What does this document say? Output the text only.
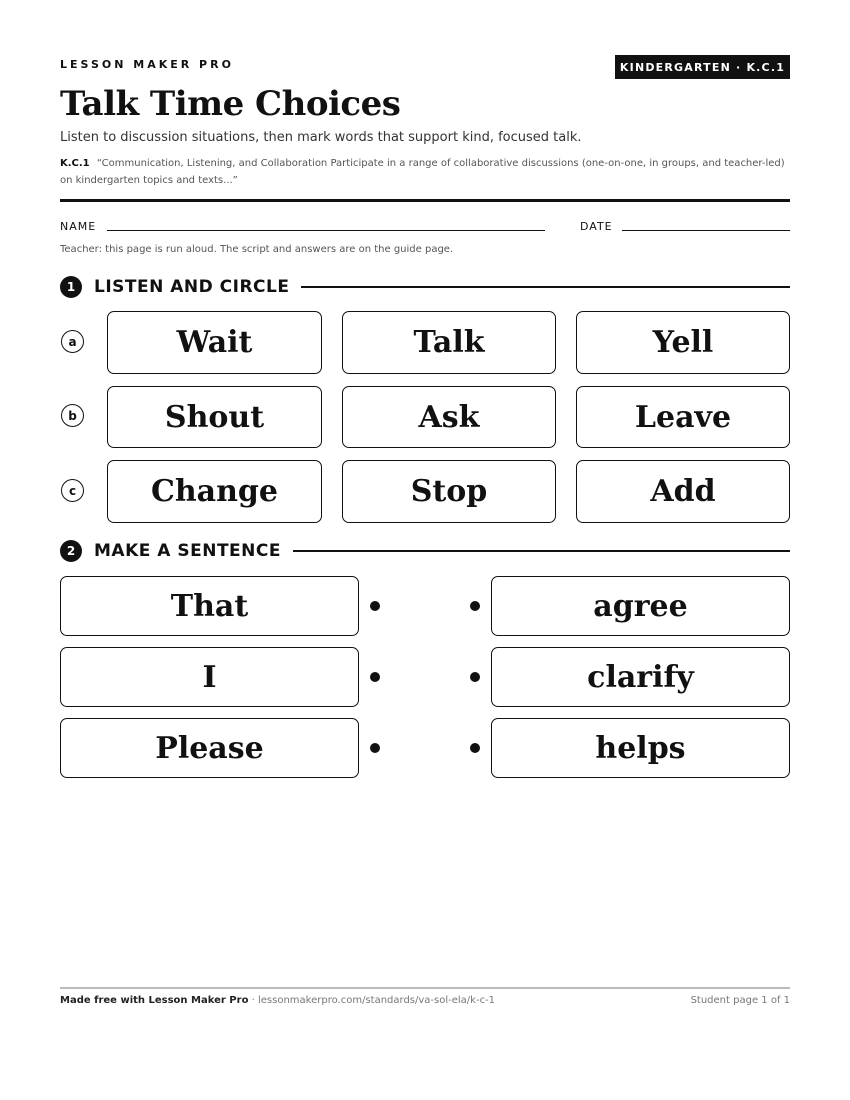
LESSON MAKER PRO	KINDERGARTEN · K.C.1
Talk Time Choices
Listen to discussion situations, then mark words that support kind, focused talk.
K.C.1 “Communication, Listening, and Collaboration Participate in a range of collaborative discussions (one-on-one, in groups, and teacher-led) on kindergarten topics and texts...”
NAME	DATE
Teacher: this page is run aloud. The script and answers are on the guide page.
1	LISTEN AND CIRCLE
a	Wait	Talk	Yell
b	Shout	Ask	Leave
c	Change	Stop	Add
2	MAKE A SENTENCE
That	agree
I	clarify
Please	helps
Made free with Lesson Maker Pro · lessonmakerpro.com/standards/va-sol-ela/k-c-1	Student page 1 of 1
